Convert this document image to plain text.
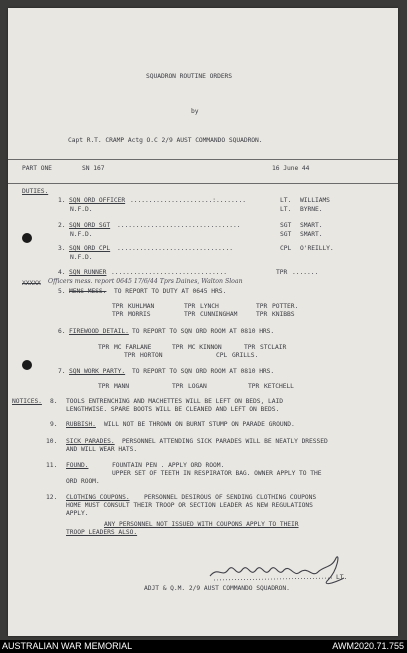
SQUADRON ROUTINE ORDERS
by
Capt R.T. CRAMP Actg O.C 2/9 AUST COMMANDO SQUADRON.
PART ONE	SN 167	16 June 44
DUTIES.
1. SQN ORD OFFICER ......................:........	LT. WILLIAMS
N.F.D.	LT. BYRNE.
2. SQN ORD SGT .................................	SGT SMART.
N.F.D.	SGT SMART.
3. SQN ORD CPL ...............................	CPL O'REILLY.
N.F.D.
4. SQN RUNNER ...............................	TPR .......
XXXXX Officers mess. report 0645 17/6/44 Tprs Daines, Walton Sloan
5. MENS MESS. TO REPORT TO DUTY AT 0645 HRS.
TPR KUHLMAN	TPR LYNCH	TPR POTTER.
TPR MORRIS	TPR CUNNINGHAM	TPR KNIBBS
6. FIREWOOD DETAIL. TO REPORT TO SQN ORD ROOM AT 0810 HRS.
TPR MC FARLANE	TPR MC KINNON	TPR STCLAIR
TPR HORTON	CPL GRILLS.
7. SQN WORK PARTY. TO REPORT TO SQN ORD ROOM AT 0810 HRS.
TPR MANN	TPR LOGAN	TPR KETCHELL
NOTICES. 8. TOOLS ENTRENCHING AND MACHETTES WILL BE LEFT ON BEDS, LAID
LENGTHWISE. SPARE BOOTS WILL BE CLEANED AND LEFT ON BEDS.
9. RUBBISH. WILL NOT BE THROWN ON BURNT STUMP ON PARADE GROUND.
10. SICK PARADES. PERSONNEL ATTENDING SICK PARADES WILL BE NEATLY DRESSED
AND WILL WEAR HATS.
11. FOUND.	FOUNTAIN PEN . APPLY ORD ROOM.
UPPER SET OF TEETH IN RESPIRATOR BAG. OWNER APPLY TO THE
ORD ROOM.
12. CLOTHING COUPONS. PERSONNEL DESIROUS OF SENDING CLOTHING COUPONS
HOME MUST CONSULT THEIR TROOP OR SECTION LEADER AS NEW REGULATIONS
APPLY.
ANY PERSONNEL NOT ISSUED WITH COUPONS APPLY TO THEIR
TROOP LEADERS ALSO.
LT.
ADJT & Q.M. 2/9 AUST COMMANDO SQUADRON.
AUSTRALIAN WAR MEMORIAL	AWM2020.71.755
